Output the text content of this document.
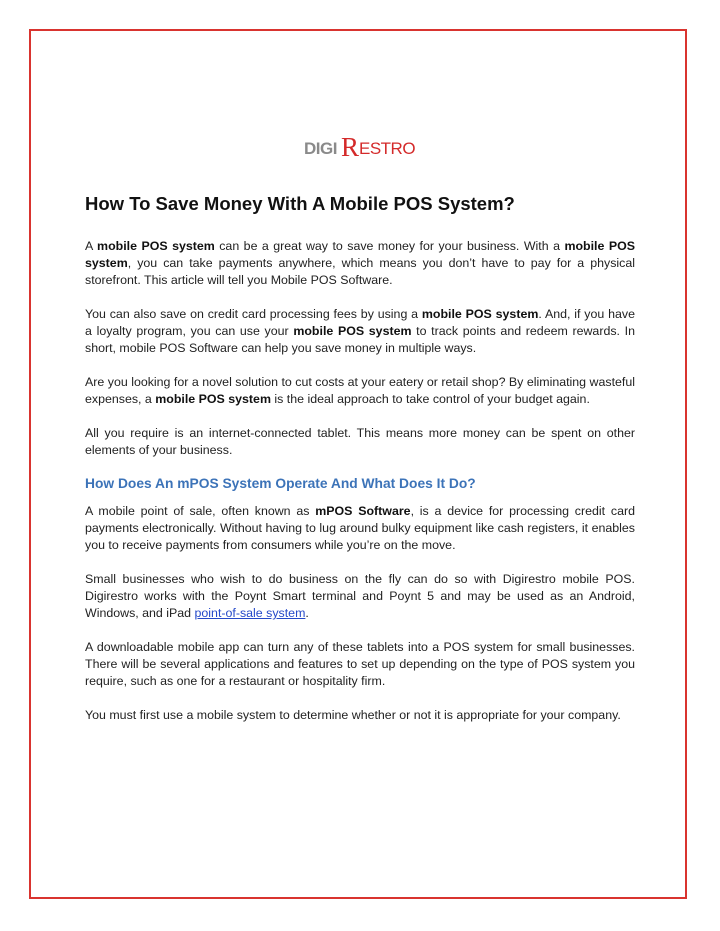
DIGI R ESTRO
How To Save Money With A Mobile POS System?

A mobile POS system can be a great way to save money for your business. With a mobile POS system, you can take payments anywhere, which means you don’t have to pay for a physical storefront. This article will tell you Mobile POS Software.

You can also save on credit card processing fees by using a mobile POS system. And, if you have a loyalty program, you can use your mobile POS system to track points and redeem rewards. In short, mobile POS Software can help you save money in multiple ways.

Are you looking for a novel solution to cut costs at your eatery or retail shop? By eliminating wasteful expenses, a mobile POS system is the ideal approach to take control of your budget again.

All you require is an internet-connected tablet. This means more money can be spent on other elements of your business.

How Does An mPOS System Operate And What Does It Do?

A mobile point of sale, often known as mPOS Software, is a device for processing credit card payments electronically. Without having to lug around bulky equipment like cash registers, it enables you to receive payments from consumers while you’re on the move.

Small businesses who wish to do business on the fly can do so with Digirestro mobile POS. Digirestro works with the Poynt Smart terminal and Poynt 5 and may be used as an Android, Windows, and iPad point-of-sale system.

A downloadable mobile app can turn any of these tablets into a POS system for small businesses. There will be several applications and features to set up depending on the type of POS system you require, such as one for a restaurant or hospitality firm.

You must first use a mobile system to determine whether or not it is appropriate for your company.
